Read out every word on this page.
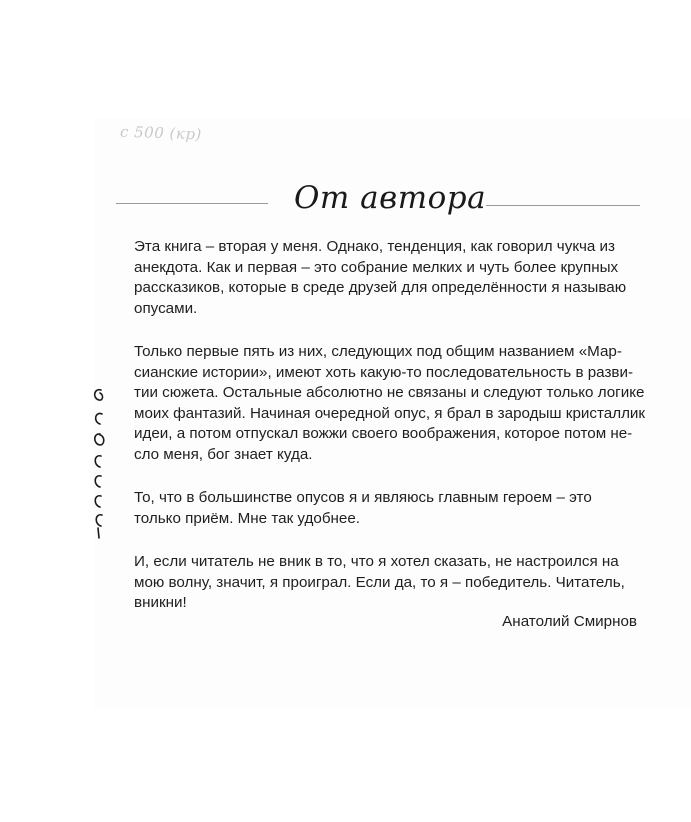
с 500 (кр)
От автора

Эта книга – вторая у меня. Однако, тенденция, как говорил чукча из
анекдота. Как и первая – это собрание мелких и чуть более крупных
рассказиков, которые в среде друзей для определённости я называю
опусами.

Только первые пять из них, следующих под общим названием «Мар-
сианские истории», имеют хоть какую-то последовательность в разви-
тии сюжета. Остальные абсолютно не связаны и следуют только логике
моих фантазий. Начиная очередной опус, я брал в зародыш кристаллик
идеи, а потом отпускал вожжи своего воображения, которое потом не-
сло меня, бог знает куда.

То, что в большинстве опусов я и являюсь главным героем – это
только приём. Мне так удобнее.

И, если читатель не вник в то, что я хотел сказать, не настроился на
мою волну, значит, я проиграл. Если да, то я – победитель. Читатель,
вникни!

Анатолий Смирнов
